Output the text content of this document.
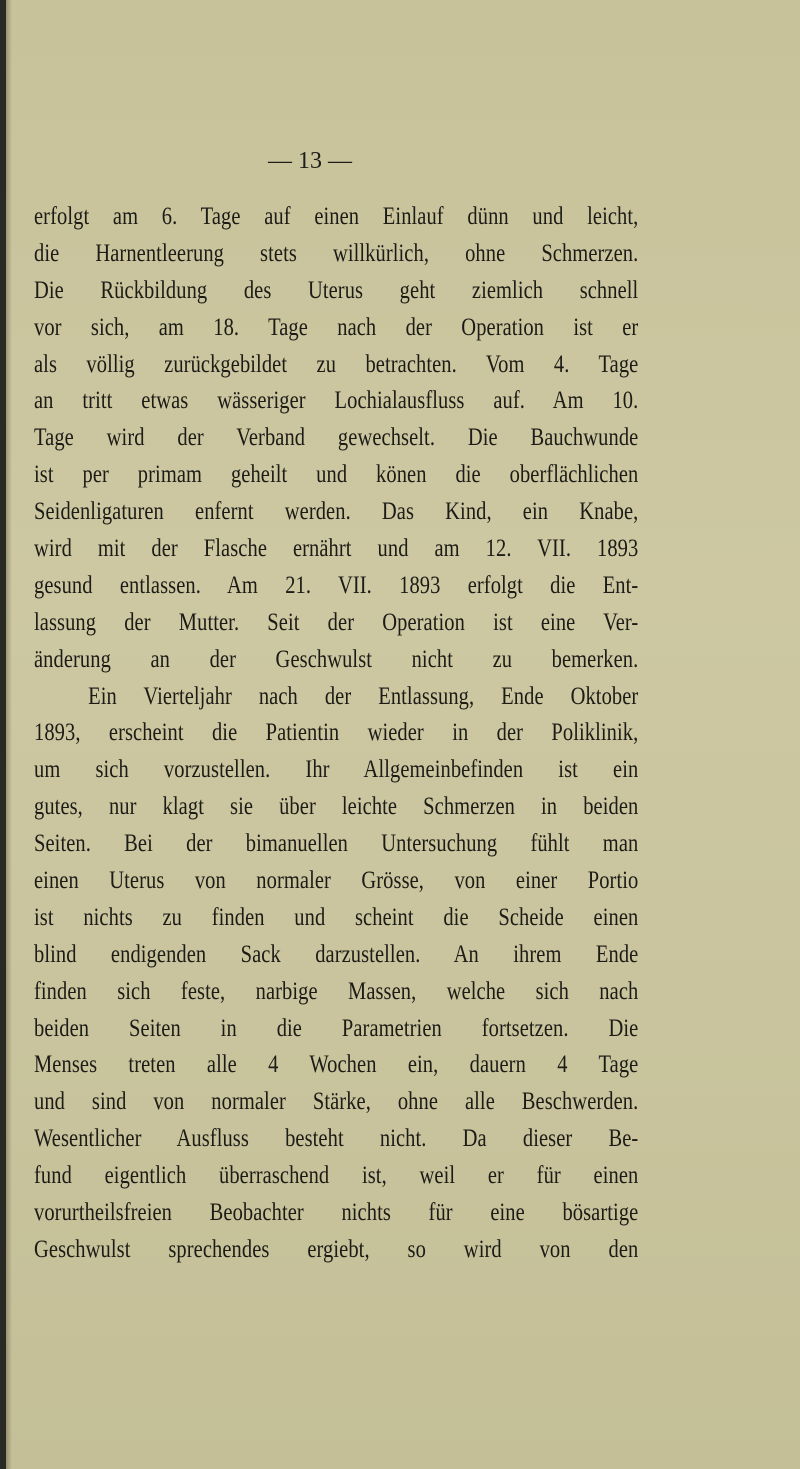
— 13 —
erfolgt am 6. Tage auf einen Einlauf dünn und leicht,
die Harnentleerung stets willkürlich, ohne Schmerzen.
Die Rückbildung des Uterus geht ziemlich schnell
vor sich, am 18. Tage nach der Operation ist er
als völlig zurückgebildet zu betrachten. Vom 4. Tage
an tritt etwas wässeriger Lochialausfluss auf. Am 10.
Tage wird der Verband gewechselt. Die Bauchwunde
ist per primam geheilt und könen die oberflächlichen
Seidenligaturen enfernt werden. Das Kind, ein Knabe,
wird mit der Flasche ernährt und am 12. VII. 1893
gesund entlassen. Am 21. VII. 1893 erfolgt die Ent-
lassung der Mutter. Seit der Operation ist eine Ver-
änderung an der Geschwulst nicht zu bemerken.
Ein Vierteljahr nach der Entlassung, Ende Oktober
1893, erscheint die Patientin wieder in der Poliklinik,
um sich vorzustellen. Ihr Allgemeinbefinden ist ein
gutes, nur klagt sie über leichte Schmerzen in beiden
Seiten. Bei der bimanuellen Untersuchung fühlt man
einen Uterus von normaler Grösse, von einer Portio
ist nichts zu finden und scheint die Scheide einen
blind endigenden Sack darzustellen. An ihrem Ende
finden sich feste, narbige Massen, welche sich nach
beiden Seiten in die Parametrien fortsetzen. Die
Menses treten alle 4 Wochen ein, dauern 4 Tage
und sind von normaler Stärke, ohne alle Beschwerden.
Wesentlicher Ausfluss besteht nicht. Da dieser Be-
fund eigentlich überraschend ist, weil er für einen
vorurtheilsfreien Beobachter nichts für eine bösartige
Geschwulst sprechendes ergiebt, so wird von den
